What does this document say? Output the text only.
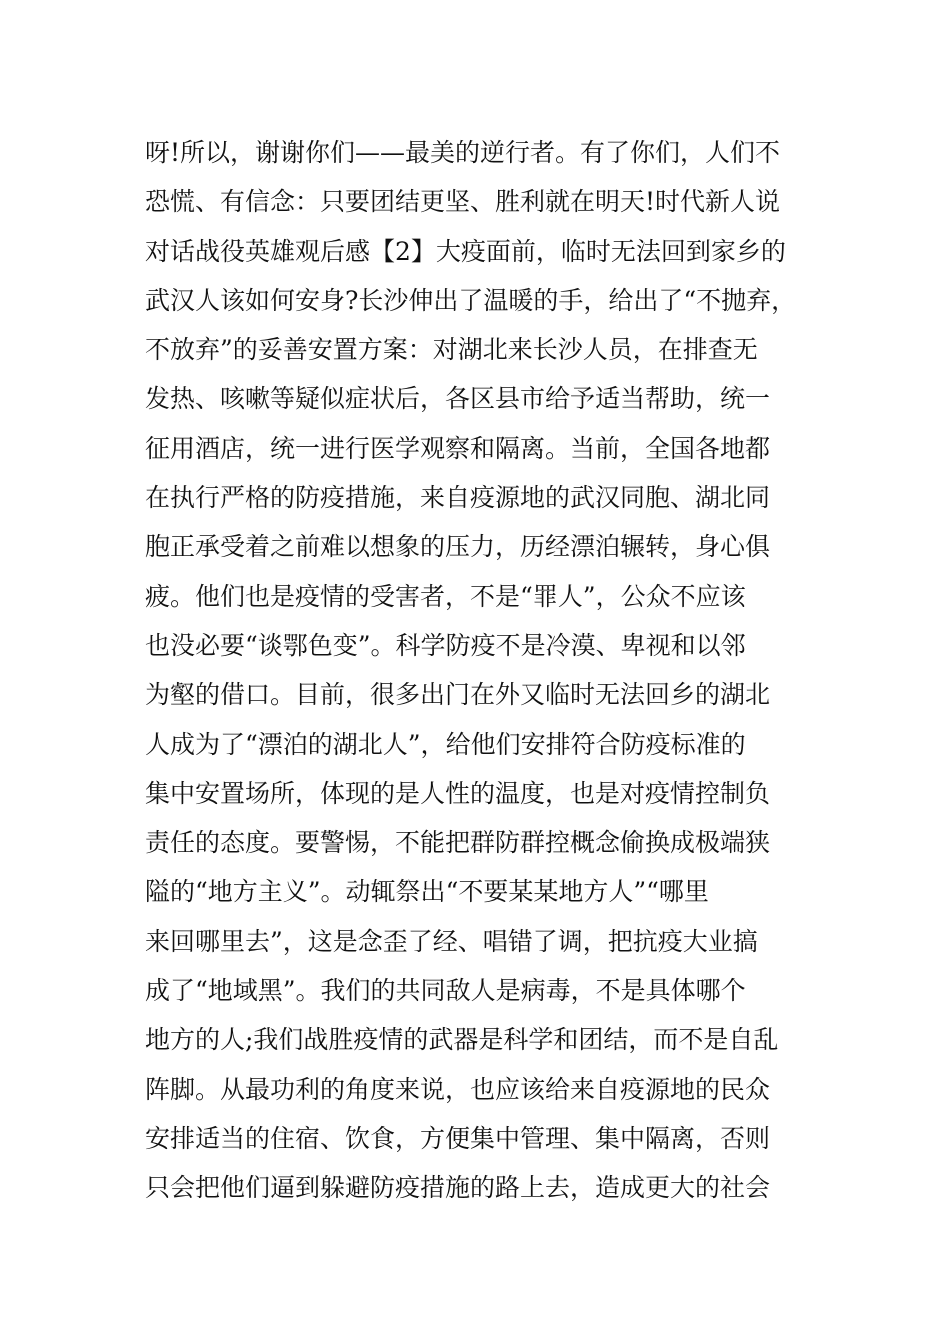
呀!所以，谢谢你们——最美的逆行者。有了你们，人们不
恐慌、有信念：只要团结更坚、胜利就在明天!时代新人说
对话战役英雄观后感【2】大疫面前，临时无法回到家乡的
武汉人该如何安身?长沙伸出了温暖的手，给出了“不抛弃，
不放弃”的妥善安置方案：对湖北来长沙人员，在排查无
发热、咳嗽等疑似症状后，各区县市给予适当帮助，统一
征用酒店，统一进行医学观察和隔离。当前，全国各地都
在执行严格的防疫措施，来自疫源地的武汉同胞、湖北同
胞正承受着之前难以想象的压力，历经漂泊辗转，身心俱
疲。他们也是疫情的受害者，不是“罪人”，公众不应该
也没必要“谈鄂色变”。科学防疫不是冷漠、卑视和以邻
为壑的借口。目前，很多出门在外又临时无法回乡的湖北
人成为了“漂泊的湖北人”，给他们安排符合防疫标准的
集中安置场所，体现的是人性的温度，也是对疫情控制负
责任的态度。要警惕，不能把群防群控概念偷换成极端狭
隘的“地方主义”。动辄祭出“不要某某地方人”“哪里
来回哪里去”，这是念歪了经、唱错了调，把抗疫大业搞
成了“地域黑”。我们的共同敌人是病毒，不是具体哪个
地方的人;我们战胜疫情的武器是科学和团结，而不是自乱
阵脚。从最功利的角度来说，也应该给来自疫源地的民众
安排适当的住宿、饮食，方便集中管理、集中隔离，否则
只会把他们逼到躲避防疫措施的路上去，造成更大的社会
